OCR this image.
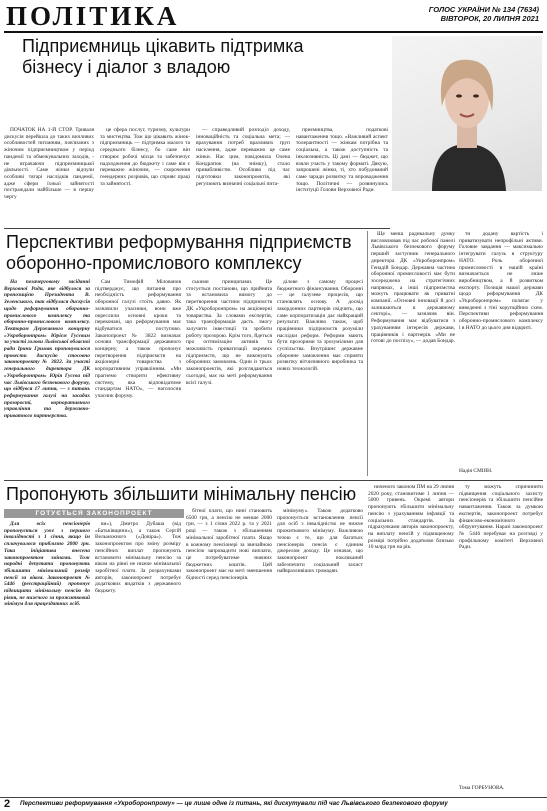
ПОЛІТИКА	ГОЛОС УКРАЇНИ № 134 (7634)
ВІВТОРОК, 20 ЛИПНЯ 2021
Підприємниць цікавить підтримка бізнесу і діалог з владою

ПОЧАТОК НА 1-Й СТОР. Триваля дискусія перейшла до таких вичливих особливостей питанням, пов'язаних з жіночим підприємництвом у період пандемії та обмежувальних заходів, - не втрачаючи підприємницької діяльності. Саме жінки відчули особливі тягарі наслідків пандемії, адже сфери їхньої зайнятості постраждали найбільше — в першу чергу

це сфера послуг, туризму, культури та мистецтва. Тож що цікавить жінок-підприємниць — підтримка малого та середнього бізнесу, бо саме він створює робочі місця та забезпечує надходження до бюджету і саме він є переважно жіночим, — скорочення геендерних розривів, що сприяє праці та зайнятості.

— справедливий розподіл доходу, інноваційність та соціальна мета; — врахування потреб вразливих груп населення, адже переважно це саме жінки. Нас цим, повідомила Олена Кондратюк (на знімку), стало привабливістю. Особливо під час підготовки законопроектів, які регулюють визначні соціальні пита-

приємництва, податкові навантаження тощо. «Важливий аспект толерантності — жінкам потрібна та соціальна, а також доступність та інклюзивність. Ці дані — бюджет, що взяли участь у такому форматі. Дякую, запрошені жінки, ті, хто побудований саме заради розвитку та впровадження тощо. Політичні — розвинулись інституції Голови Верховної Ради.

Перспективи реформування підприємств оборонно-промислового комплексу

На позачерговому засіданні Верховної Ради, яке відбулося за пропозицією Президента В. Зеленського, так відбулася дискусія щодо реформування оборонно-промислового комплексу та оборонно-промислового комплексу. Лекторам Державного концерну «Укроборонпром» Юрієм Гусєвим за участі голови Львівської обласної ради Ірини Гримак пропонувалося провести дискусію стосовно законопроекту № 3822. За участі генерального директора ДК «Укроборонпром» Юрія Гусєва під час Львівського безпекового форуму, що відбувся 17 липня, — з питань реформування галузі на засадах прозорості, корпоративного управління та державно-приватного партнерства.

Сам Тимофій Мілованов підтверджує, що питання про необхідність реформування оборонної галузі стоїть давно. Як зазначили учасники, вони вже окреслили основні кроки та переконані, що реформування має відбуватися поступово. Законопроект № 3822 визначає основи трансформації державного концерну, а також пропонує перетворення підприємств на акціонерні товариства з корпоративним управлінням. «Ми прагнемо створити ефективну систему, яка відповідатиме стандартам НАТО», — наголосив учасник форуму.

ськими принципами. Це стосується постанови, що прийнята та встановила вимогу до перетворення частини підприємств ДК «Укроборонпром» на акціонерні товариства. За словами експертів, така трансформація дасть змогу залучити інвестиції та зробити роботу прозорою. Крім того, йдеться про оптимізацію активів та можливість приватизації окремих підприємств, що не виконують оборонних замовлень. Один із трьох законопроектів, які розглядаються сьогодні, має на меті реформування всієї галузі.

ділове з самому процесі бюджетного фінансування. Оборонні — це галузеве процесів, що становлять основу. А досвід закордонних партнерів свідчить, що саме корпоратизація дає найкращий результат. Важливо також, щоб працівники підприємств розуміли наслідки реформ. Реформи мають бути прозорими та зрозумілими для суспільства. Внутрішнє державне оборонне замовлення має сприяти розвитку вітчизняного виробника та нових технологій.

Ще менш радикальну думку висловлював під час робочої панелі Львівського безпекового форуму перший заступник генерального директора ДК «Укроборонпром» Генадій Бондар. Державна частина оборонної промисловості має бути зосереджена на стратегічних напрямах, а інші підприємства можуть працювати як приватні компанії. «Основні інновації й досі залишаються в державному секторі», — зазначив він. Реформування має відбуватися з урахуванням інтересів держави, працівників і партнерів. «Ми не готові до поспіху», — додав Бондар.

ти додану вартість і приватизувати непрофільні активи. Головне завдання — максимально інтегрувати галузь в структуру НАТО. Роль оборонної промисловості в нашій країні визначається не лише виробництвом, а й розвитком експорту. Позиція нашої держави щодо реформування ДК «Укроборонпром» полягає у виведенні з тіні корупційних схем. Перспективи реформування оборонно-промислового комплексу і в НАТО до цього дня відкриті.

Надія СМІЯН.
Пропонують збільшити мінімальну пенсію
ГОТУЄТЬСЯ ЗАКОНОПРОЕКТ

Для всіх пенсіонерів пропонується уже з першого інвалідності з 1 січня, якщо їм сплачувалося приблизно 2000 грн. Така ініціатива внесена законопроектом змінами. Тож народні депутати пропонують збільшити мінімальний розмір пенсії за віком. Законопроект № 5446 (реєстраційний) пропонує підвищити мінімальну пенсію до рівня, не нижчого за прожитковий мінімум для працездатних осіб.

ви»), Дмитро Дубаша (від «Батьківщини»), а також Сергій Вельможного («Довіра»). Тож законопроектом про зміну розміру пенсійних виплат пропонують встановити мінімальну пенсію за віком на рівні не нижче мінімальної заробітної плати. За розрахунками авторів, законопроект потребує додаткових видатків з державного бюджету.

бітної плати, що нині становить 6500 грн, а пенсію не менше 2000 грн, — з 1 січня 2022 р. та у 2021 році — також з збільшенням мінімальної заробітної плати. Якщо в кожному пенсіонері за звичайною пенсією запровадити нові виплати, це потребуватиме значних бюджетних коштів. Цей законопроект має на меті зменшення бідності серед пенсіонерів.

мінімуму». Також додатково пропонується встановлення пенсії для осіб з інвалідністю не нижче прожиткового мінімуму. Важливою тезою є те, що для багатьох пенсіонерів пенсія є єдиним джерелом доходу. Це означає, що законопроект покликаний забезпечити соціальний захист найвразливіших громадян.

ниченого законом ПМ на 29 липня 2020 року, становитиме 1 липня — 5000 гривень. Окремі автори пропонують збільшити мінімальну пенсію з урахуванням інфляції та соціальних стандартів. За підрахунками авторів законопроекту, на виплату пенсій у підвищеному розмірі потрібно додатково близько 10 млрд грн на рік.

ту можуть спричинити підвищення соціального захисту пенсіонерів та збільшити пенсійне навантаження. Також за думкою експертів, законопроект потребує фінансово-економічного обґрунтування. Наразі законопроект № 5446 перебуває на розгляді у профільному комітеті Верховної Ради.

Тома ГОРБУНОВА.
2 Перспективи реформування «Укроборонпрому» — це лише одне із питань, які дискутували під час Львівського безпекового форуму
